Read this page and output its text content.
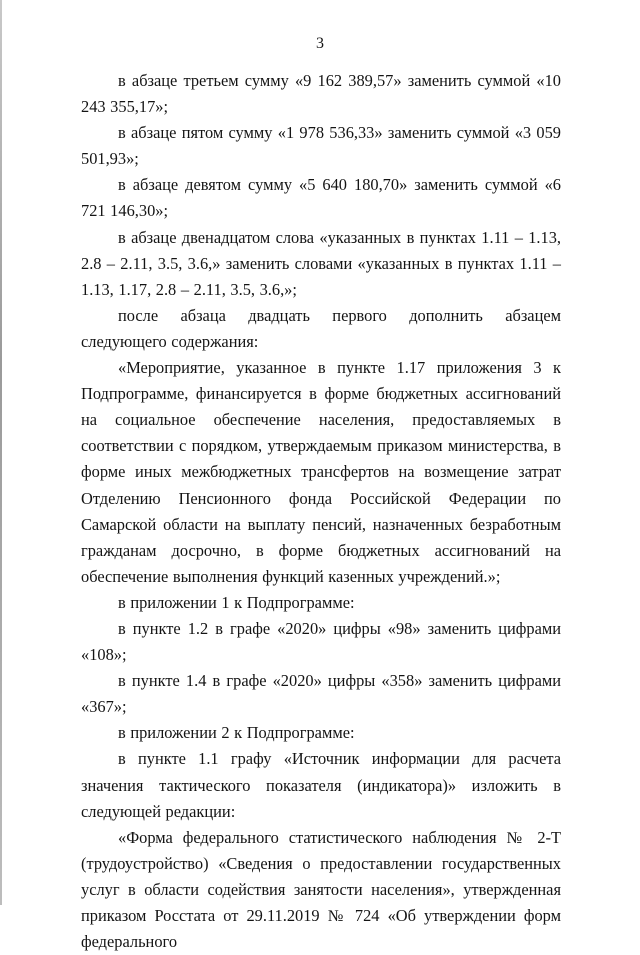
3

в абзаце третьем сумму «9 162 389,57» заменить суммой «10 243 355,17»;

в абзаце пятом сумму «1 978 536,33» заменить суммой «3 059 501,93»;

в абзаце девятом сумму «5 640 180,70» заменить суммой «6 721 146,30»;

в абзаце двенадцатом слова «указанных в пунктах 1.11 – 1.13, 2.8 – 2.11, 3.5, 3.6,» заменить словами «указанных в пунктах 1.11 – 1.13, 1.17, 2.8 – 2.11, 3.5, 3.6,»;

после абзаца двадцать первого дополнить абзацем следующего содержания:

«Мероприятие, указанное в пункте 1.17 приложения 3 к Подпрограмме, финансируется в форме бюджетных ассигнований на социальное обеспечение населения, предоставляемых в соответствии с порядком, утверждаемым приказом министерства, в форме иных межбюджетных трансфертов на возмещение затрат Отделению Пенсионного фонда Российской Федерации по Самарской области на выплату пенсий, назначенных безработным гражданам досрочно, в форме бюджетных ассигнований на обеспечение выполнения функций казенных учреждений.»;

в приложении 1 к Подпрограмме:

в пункте 1.2 в графе «2020» цифры «98» заменить цифрами «108»;

в пункте 1.4 в графе «2020» цифры «358» заменить цифрами «367»;

в приложении 2 к Подпрограмме:

в пункте 1.1 графу «Источник информации для расчета значения тактического показателя (индикатора)» изложить в следующей редакции:

«Форма федерального статистического наблюдения № 2-Т (трудоустройство) «Сведения о предоставлении государственных услуг в области содействия занятости населения», утвержденная приказом Росстата от 29.11.2019 № 724 «Об утверждении форм федерального
